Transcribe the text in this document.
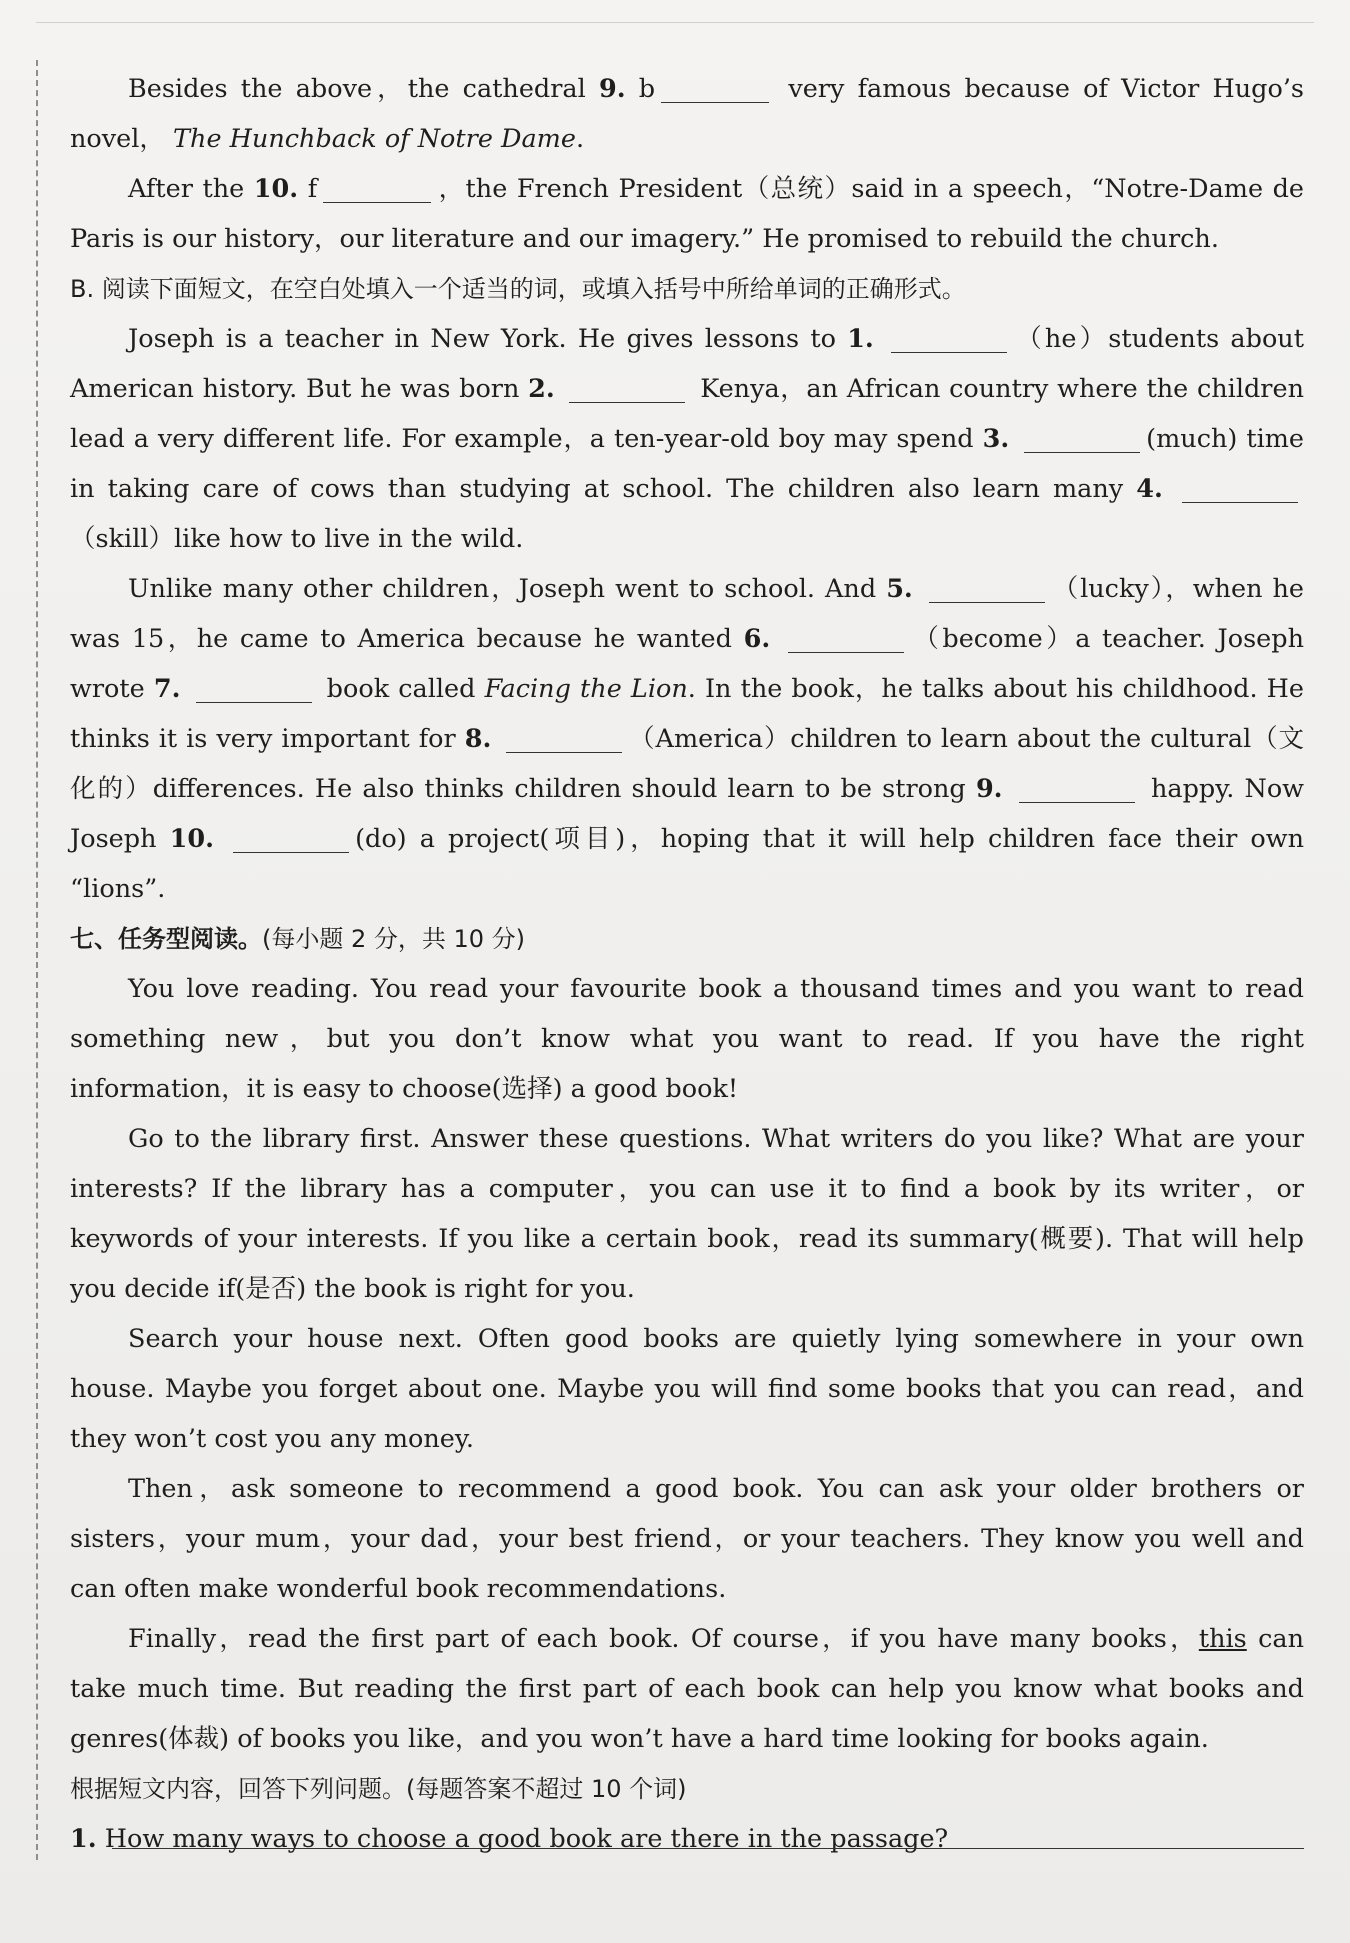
Besides the above，the cathedral 9. b	very famous because of Victor Hugo’s novel， The Hunchback of Notre Dame.

After the 10. f	，the French President（总统）said in a speech，“Notre-Dame de Paris is our history，our literature and our imagery.” He promised to rebuild the church.

B. 阅读下面短文，在空白处填入一个适当的词，或填入括号中所给单词的正确形式。

Joseph is a teacher in New York. He gives lessons to 1.	（he）students about American history. But he was born 2.	Kenya，an African country where the children lead a very different life. For example，a ten-year-old boy may spend 3.	(much) time in taking care of cows than studying at school. The children also learn many 4. （skill）like how to live in the wild.

Unlike many other children，Joseph went to school. And 5.	（lucky），when he was 15，he came to America because he wanted 6.	（become）a teacher. Joseph wrote 7.	book called Facing the Lion. In the book，he talks about his childhood. He thinks it is very important for 8.	（America）children to learn about the cultural（文化的）differences. He also thinks children should learn to be strong 9.	happy. Now Joseph 10.	(do) a project(项目)，hoping that it will help children face their own “lions”.

七、任务型阅读。(每小题 2 分，共 10 分)

You love reading. You read your favourite book a thousand times and you want to read something new，but you don’t know what you want to read. If you have the right information，it is easy to choose(选择) a good book!

Go to the library first. Answer these questions. What writers do you like? What are your interests? If the library has a computer，you can use it to find a book by its writer，or keywords of your interests. If you like a certain book，read its summary(概要). That will help you decide if(是否) the book is right for you.

Search your house next. Often good books are quietly lying somewhere in your own house. Maybe you forget about one. Maybe you will find some books that you can read，and they won’t cost you any money.

Then，ask someone to recommend a good book. You can ask your older brothers or sisters，your mum，your dad，your best friend，or your teachers. They know you well and can often make wonderful book recommendations.

Finally，read the first part of each book. Of course，if you have many books，this can take much time. But reading the first part of each book can help you know what books and genres(体裁) of books you like，and you won’t have a hard time looking for books again.

根据短文内容，回答下列问题。(每题答案不超过 10 个词)

1. How many ways to choose a good book are there in the passage?
